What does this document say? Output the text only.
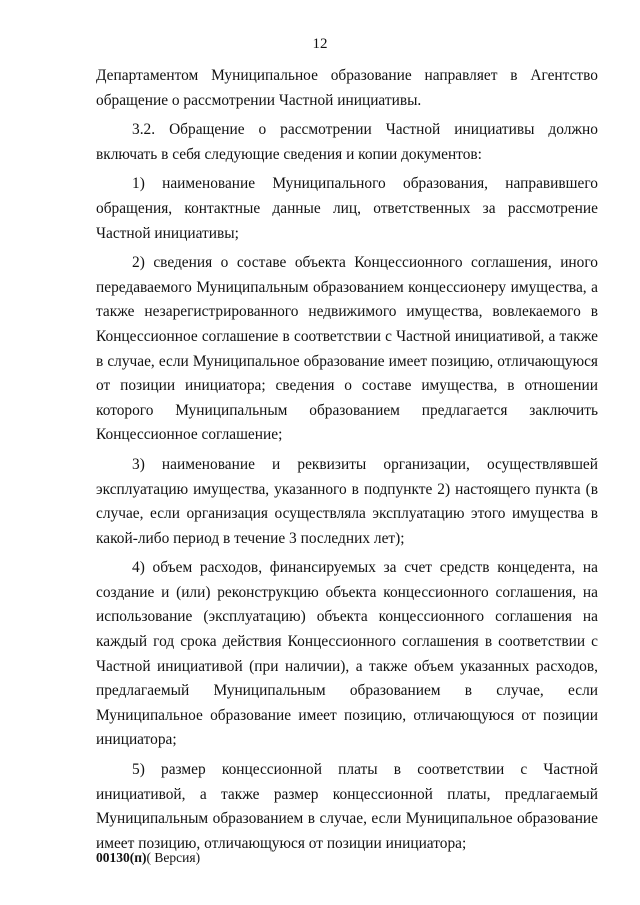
12

Департаментом Муниципальное образование направляет в Агентство обращение о рассмотрении Частной инициативы.

3.2. Обращение о рассмотрении Частной инициативы должно включать в себя следующие сведения и копии документов:

1) наименование Муниципального образования, направившего обращения, контактные данные лиц, ответственных за рассмотрение Частной инициативы;

2) сведения о составе объекта Концессионного соглашения, иного передаваемого Муниципальным образованием концессионеру имущества, а также незарегистрированного недвижимого имущества, вовлекаемого в Концессионное соглашение в соответствии с Частной инициативой, а также в случае, если Муниципальное образование имеет позицию, отличающуюся от позиции инициатора; сведения о составе имущества, в отношении которого Муниципальным образованием предлагается заключить Концессионное соглашение;

3) наименование и реквизиты организации, осуществлявшей эксплуатацию имущества, указанного в подпункте 2) настоящего пункта (в случае, если организация осуществляла эксплуатацию этого имущества в какой-либо период в течение 3 последних лет);

4) объем расходов, финансируемых за счет средств концедента, на создание и (или) реконструкцию объекта концессионного соглашения, на использование (эксплуатацию) объекта концессионного соглашения на каждый год срока действия Концессионного соглашения в соответствии с Частной инициативой (при наличии), а также объем указанных расходов, предлагаемый Муниципальным образованием в случае, если Муниципальное образование имеет позицию, отличающуюся от позиции инициатора;

5) размер концессионной платы в соответствии с Частной инициативой, а также размер концессионной платы, предлагаемый Муниципальным образованием в случае, если Муниципальное образование имеет позицию, отличающуюся от позиции инициатора;

00130(п)( Версия)
